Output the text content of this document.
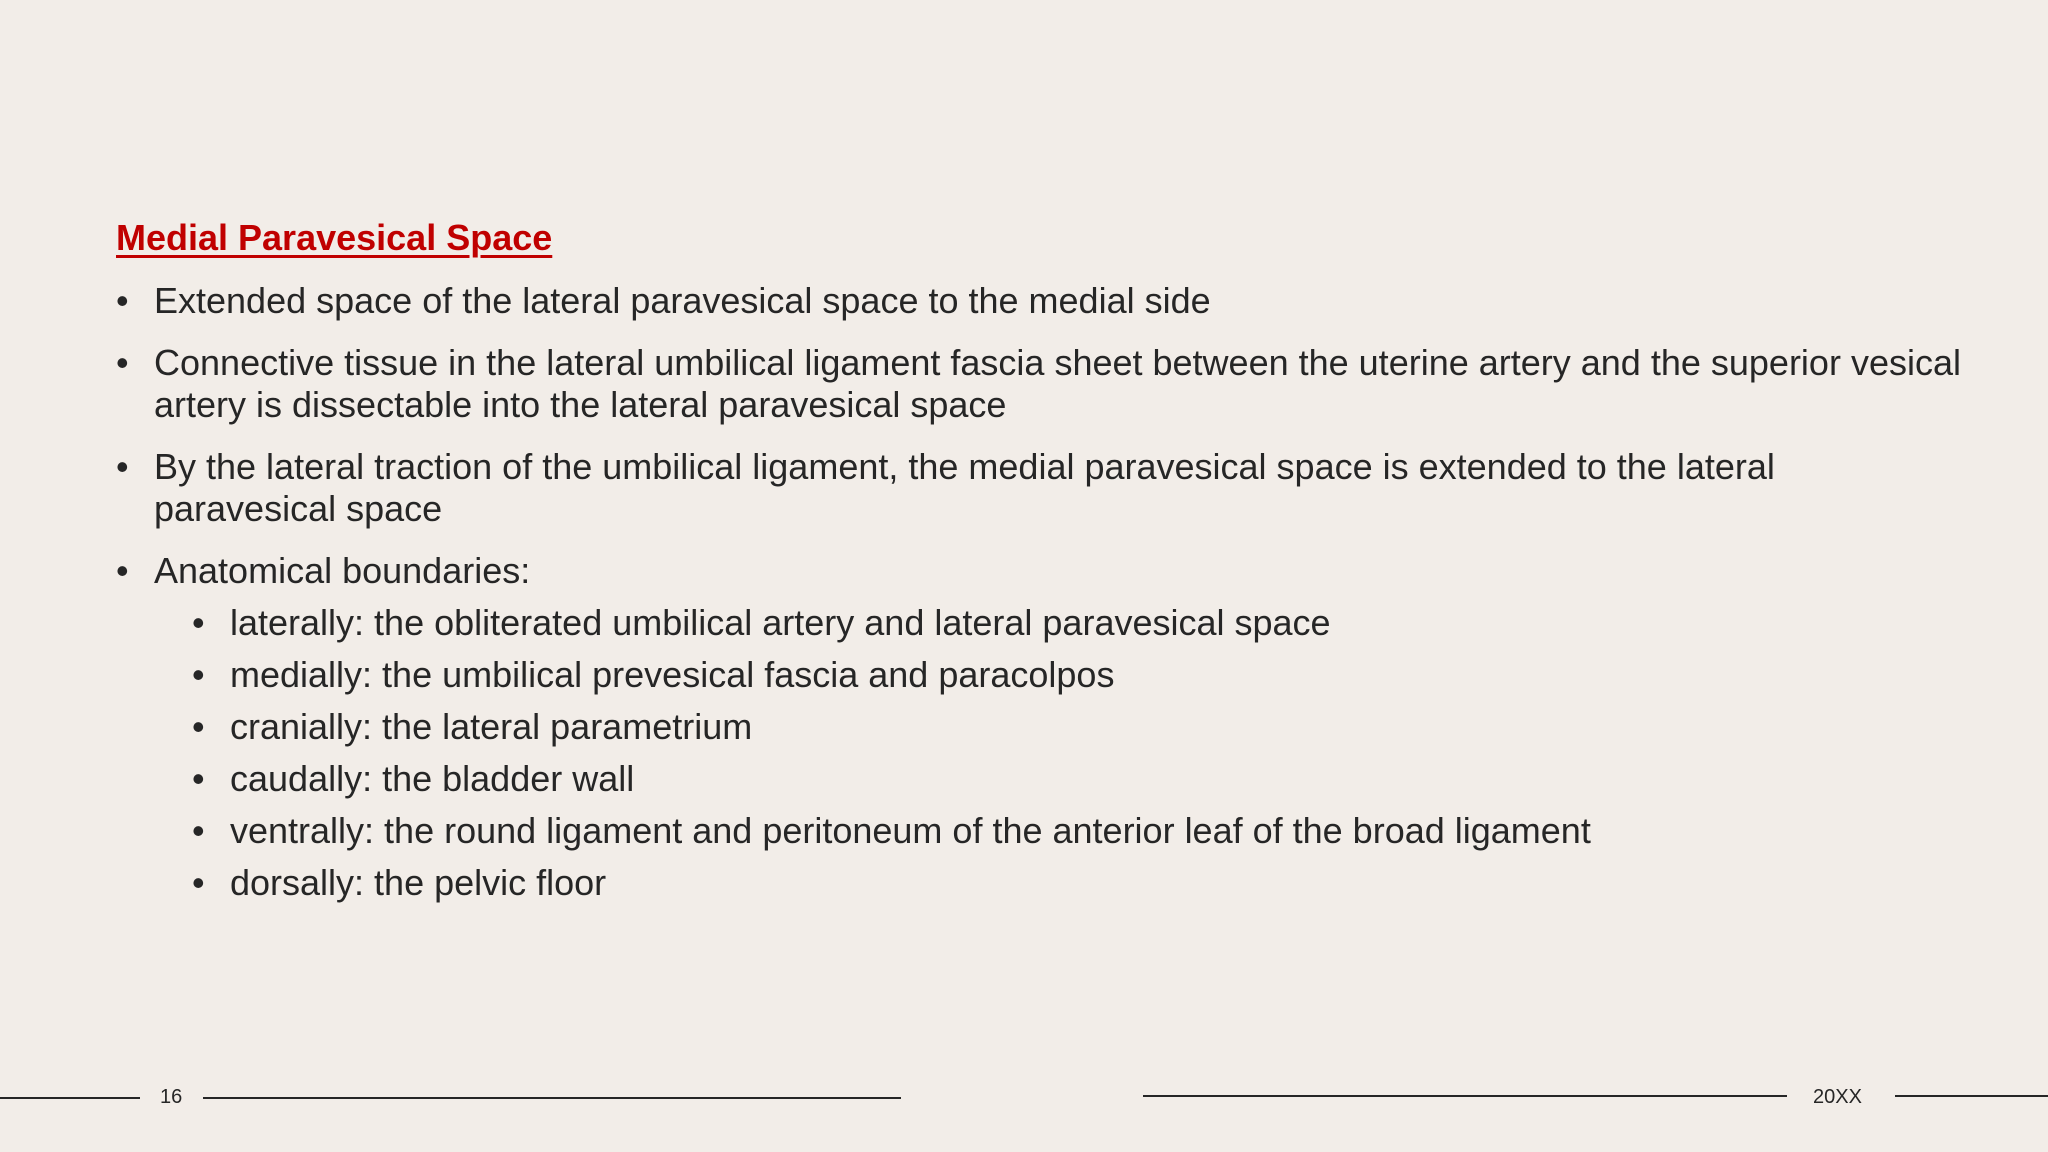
Medial Paravesical Space
• Extended space of the lateral paravesical space to the medial side
• Connective tissue in the lateral umbilical ligament fascia sheet between the uterine artery and the superior vesical artery is dissectable into the lateral paravesical space
• By the lateral traction of the umbilical ligament, the medial paravesical space is extended to the lateral paravesical space
• Anatomical boundaries:
• laterally: the obliterated umbilical artery and lateral paravesical space
• medially: the umbilical prevesical fascia and paracolpos
• cranially: the lateral parametrium
• caudally: the bladder wall
• ventrally: the round ligament and peritoneum of the anterior leaf of the broad ligament
• dorsally: the pelvic floor
16	20XX
